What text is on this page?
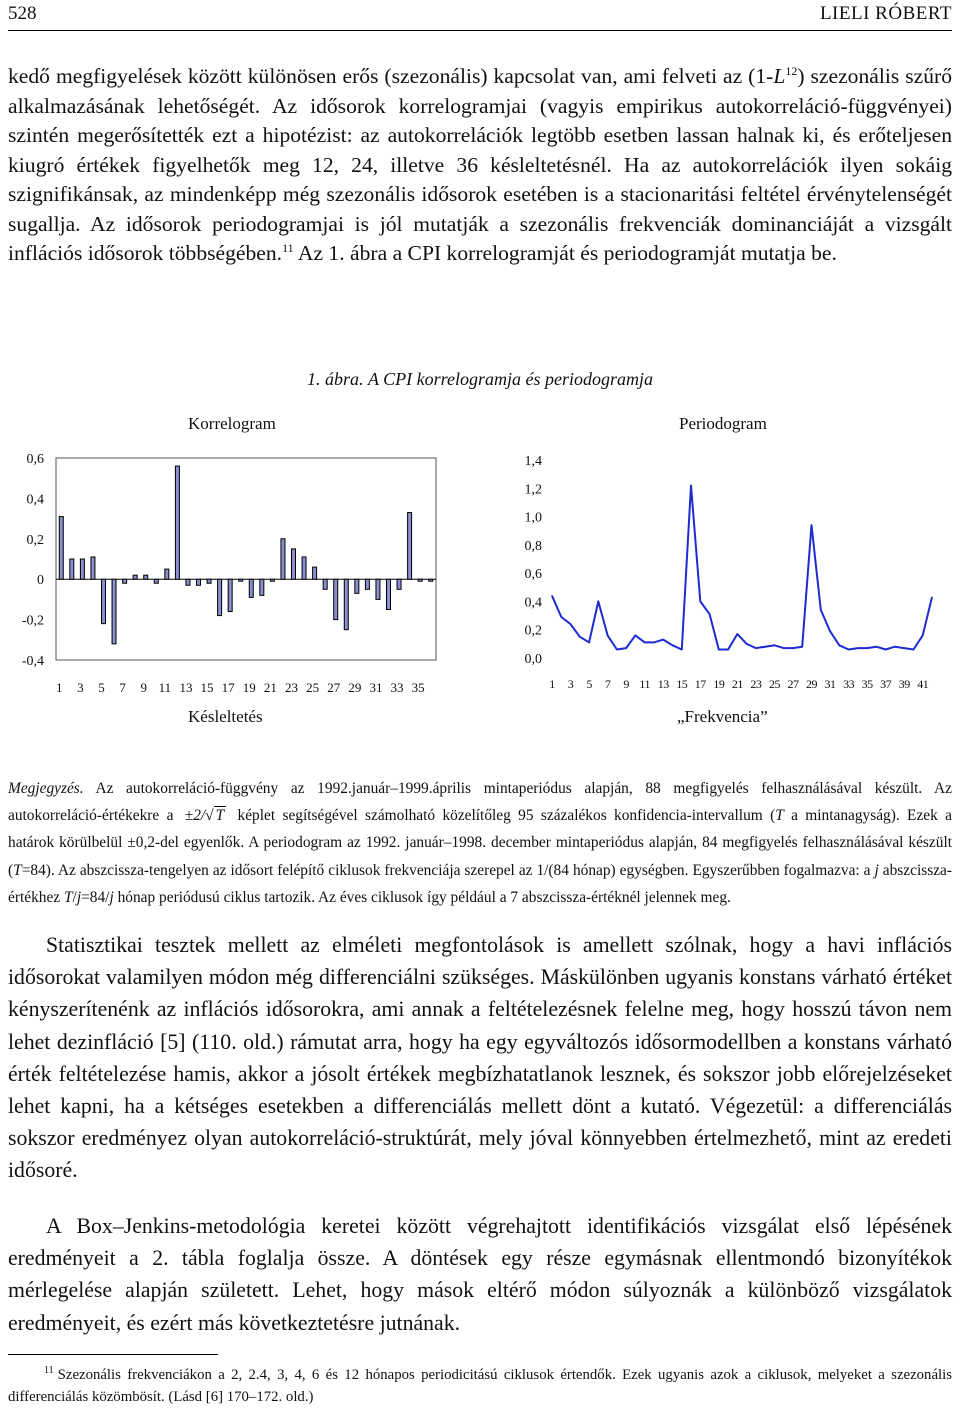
528	LIELI RÓBERT

kedő megfigyelések között különösen erős (szezonális) kapcsolat van, ami felveti az $(1-L^{12})$ szezonális szűrő alkalmazásának lehetőségét. Az idősorok korrelogramjai (vagyis empirikus autokorreláció-függvényei) szintén megerősítették ezt a hipotézist: az autokorrelációk legtöbb esetben lassan halnak ki, és erőteljesen kiugró értékek figyelhetők meg 12, 24, illetve 36 késleltetésnél. Ha az autokorrelációk ilyen sokáig szignifikánsak, az mindenképp még szezonális idősorok esetében is a stacionaritási feltétel érvénytelenségét sugallja. Az idősorok periodogramjai is jól mutatják a szezonális frekvenciák dominanciáját a vizsgált inflációs idősorok többségében.$^{11}$ Az 1. ábra a CPI korrelogramját és periodogramját mutatja be.

1. ábra. A CPI korrelogramja és periodogramja
Korrelogram	Periodogram
0,6
0,4
0,2
0
-0,2
-0,4
1 3 5 7 9 11 13 15 17 19 21 23 25 27 29 31 33 35
1,4
1,2
1,0
0,8
0,6
0,4
0,2
0,0
1 3 5 7 9 11 13 15 17 19 21 23 25 27 29 31 33 35 37 39 41
Késleltetés	„Frekvencia”

Megjegyzés. Az autokorreláció-függvény az 1992.január–1999.április mintaperiódus alapján, 88 megfigyelés felhasználásával készült. Az autokorreláció-értékekre a ±2/√ T képlet segítségével számolható közelítőleg 95 százalékos konfidencia-intervallum (T a mintanagyság). Ezek a határok körülbelül ±0,2-del egyenlők. A periodogram az 1992. január–1998. december mintaperiódus alapján, 84 megfigyelés felhasználásával készült (T=84). Az abszcissza-tengelyen az idősort felépítő ciklusok frekvenciája szerepel az 1/(84 hónap) egységben. Egyszerűbben fogalmazva: a j abszcissza-értékhez T/j=84/j hónap periódusú ciklus tartozik. Az éves ciklusok így például a 7 abszcissza-értéknél jelennek meg.

Statisztikai tesztek mellett az elméleti megfontolások is amellett szólnak, hogy a havi inflációs idősorokat valamilyen módon még differenciálni szükséges. Máskülönben ugyanis konstans várható értéket kényszerítenénk az inflációs idősorokra, ami annak a feltételezésnek felelne meg, hogy hosszú távon nem lehet dezinfláció [5] (110. old.) rámutat arra, hogy ha egy egyváltozós idősormodellben a konstans várható érték feltételezése hamis, akkor a jósolt értékek megbízhatatlanok lesznek, és sokszor jobb előrejelzéseket lehet kapni, ha a kétséges esetekben a differenciálás mellett dönt a kutató. Végezetül: a differenciálás sokszor eredményez olyan autokorreláció-struktúrát, mely jóval könnyebben értelmezhető, mint az eredeti idősoré.

A Box–Jenkins-metodológia keretei között végrehajtott identifikációs vizsgálat első lépésének eredményeit a 2. tábla foglalja össze. A döntések egy része egymásnak ellentmondó bizonyítékok mérlegelése alapján született. Lehet, hogy mások eltérő módon súlyoznák a különböző vizsgálatok eredményeit, és ezért más következtetésre jutnának.

$^{11}$ Szezonális frekvenciákon a 2, 2.4, 3, 4, 6 és 12 hónapos periodicitású ciklusok értendők. Ezek ugyanis azok a ciklusok, melyeket a szezonális differenciálás közömbösít. (Lásd [6] 170–172. old.)
